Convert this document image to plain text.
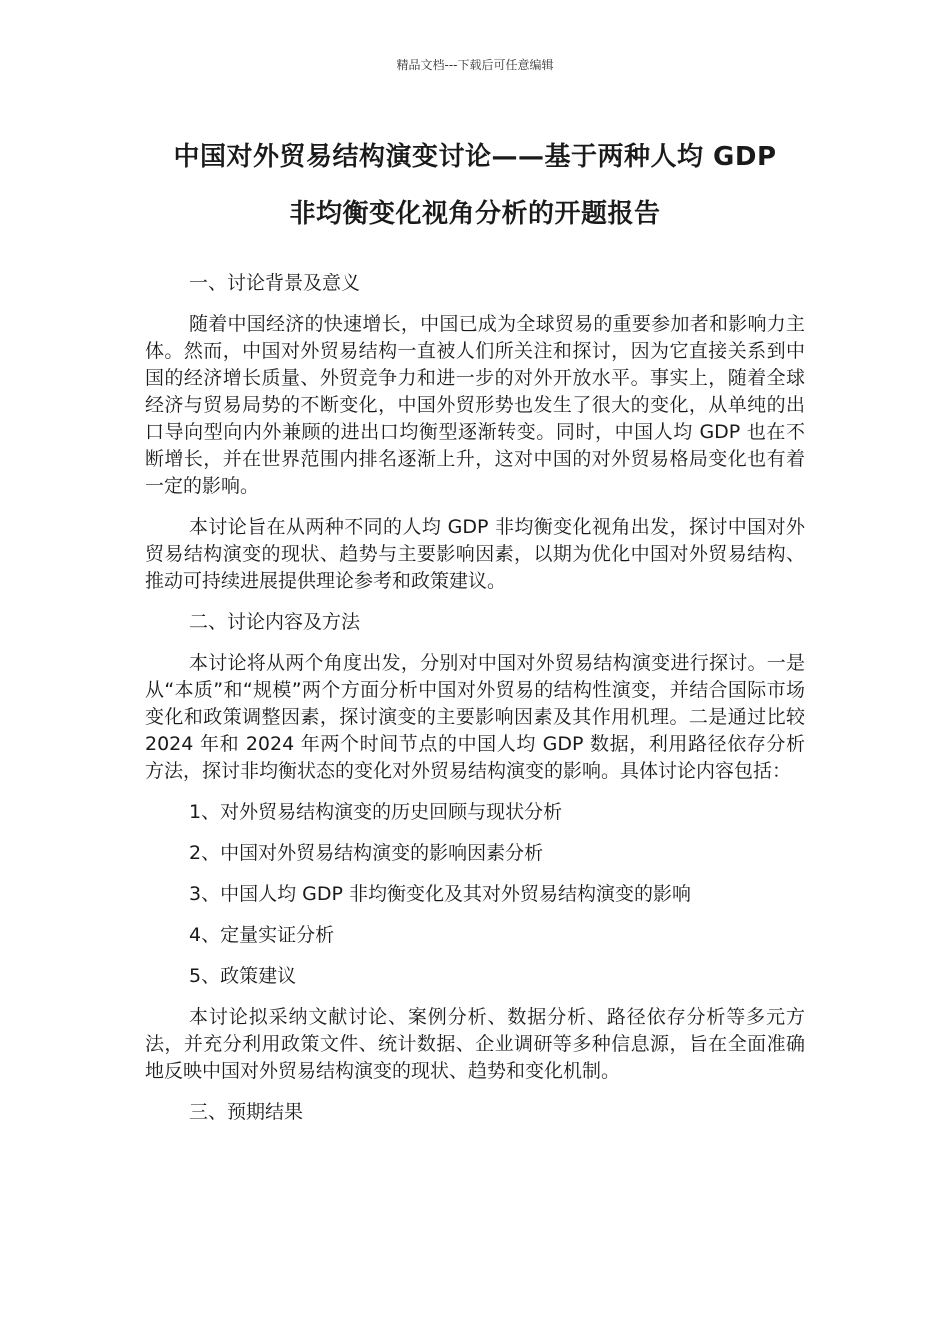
精品文档---下载后可任意编辑
中国对外贸易结构演变讨论——基于两种人均 GDP
非均衡变化视角分析的开题报告
一、讨论背景及意义

随着中国经济的快速增长，中国已成为全球贸易的重要参加者和影响力主体。然而，中国对外贸易结构一直被人们所关注和探讨，因为它直接关系到中国的经济增长质量、外贸竞争力和进一步的对外开放水平。事实上，随着全球经济与贸易局势的不断变化，中国外贸形势也发生了很大的变化，从单纯的出口导向型向内外兼顾的进出口均衡型逐渐转变。同时，中国人均 GDP 也在不断增长，并在世界范围内排名逐渐上升，这对中国的对外贸易格局变化也有着一定的影响。

本讨论旨在从两种不同的人均 GDP 非均衡变化视角出发，探讨中国对外贸易结构演变的现状、趋势与主要影响因素，以期为优化中国对外贸易结构、推动可持续进展提供理论参考和政策建议。

二、讨论内容及方法

本讨论将从两个角度出发，分别对中国对外贸易结构演变进行探讨。一是从“本质”和“规模”两个方面分析中国对外贸易的结构性演变，并结合国际市场变化和政策调整因素，探讨演变的主要影响因素及其作用机理。二是通过比较 2024 年和 2024 年两个时间节点的中国人均 GDP 数据，利用路径依存分析方法，探讨非均衡状态的变化对外贸易结构演变的影响。具体讨论内容包括：

1、对外贸易结构演变的历史回顾与现状分析
2、中国对外贸易结构演变的影响因素分析
3、中国人均 GDP 非均衡变化及其对外贸易结构演变的影响
4、定量实证分析
5、政策建议

本讨论拟采纳文献讨论、案例分析、数据分析、路径依存分析等多元方法，并充分利用政策文件、统计数据、企业调研等多种信息源，旨在全面准确地反映中国对外贸易结构演变的现状、趋势和变化机制。

三、预期结果
